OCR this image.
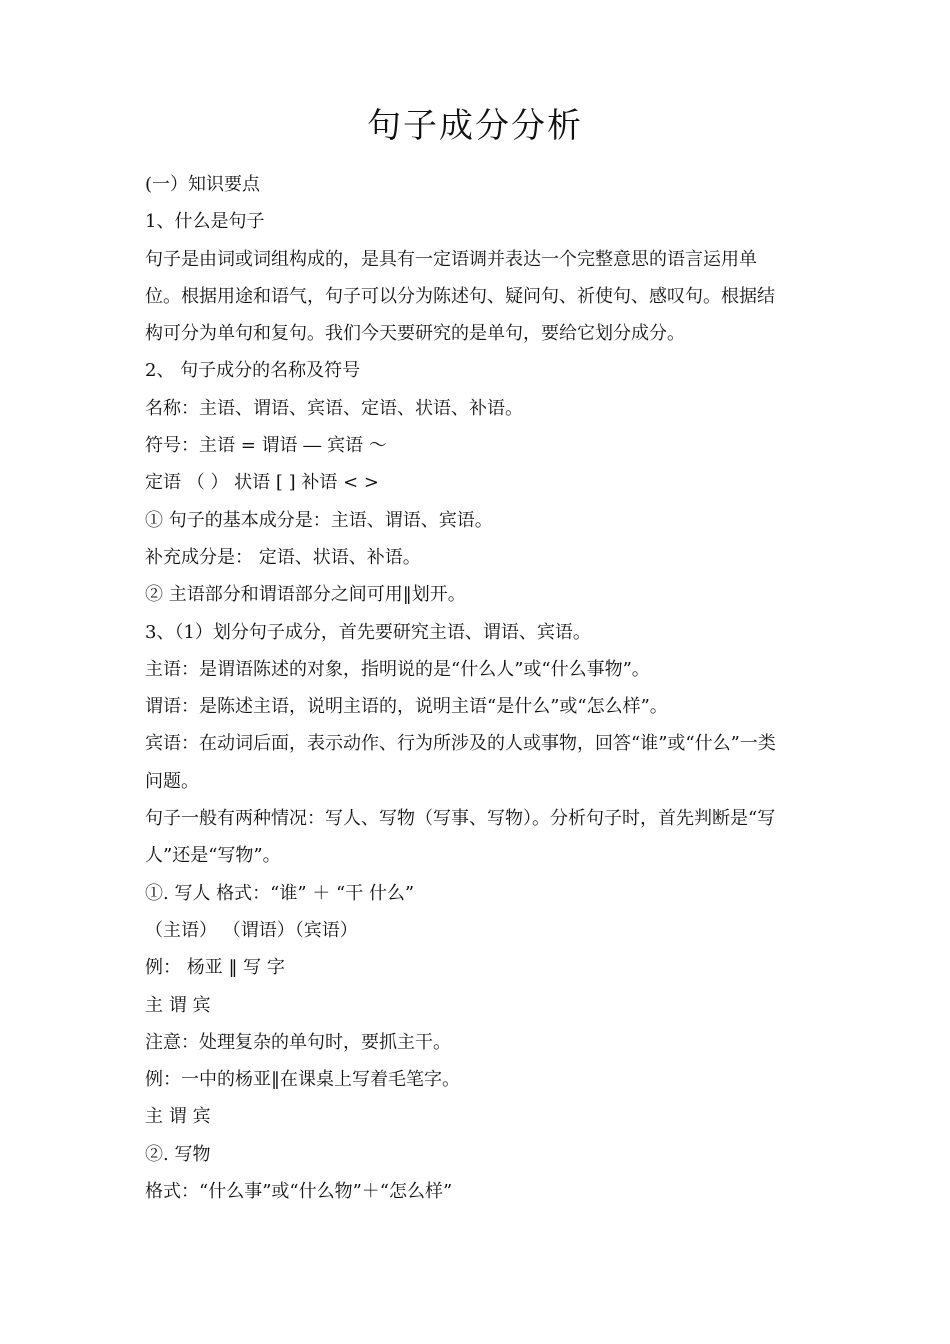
句子成分分析
(一）知识要点
1、什么是句子
句子是由词或词组构成的，是具有一定语调并表达一个完整意思的语言运用单
位。根据用途和语气，句子可以分为陈述句、疑问句、祈使句、感叹句。根据结
构可分为单句和复句。我们今天要研究的是单句，要给它划分成分。
2、 句子成分的名称及符号
名称：主语、谓语、宾语、定语、状语、补语。
符号：主语 = 谓语 ― 宾语 ～
定语 （ ） 状语 [ ] 补语 < >
① 句子的基本成分是：主语、谓语、宾语。
补充成分是： 定语、状语、补语。
② 主语部分和谓语部分之间可用‖划开。
3、（1）划分句子成分，首先要研究主语、谓语、宾语。
主语：是谓语陈述的对象，指明说的是“什么人”或“什么事物”。
谓语：是陈述主语，说明主语的，说明主语“是什么”或“怎么样”。
宾语：在动词后面，表示动作、行为所涉及的人或事物，回答“谁”或“什么”一类
问题。
句子一般有两种情况：写人、写物（写事、写物）。分析句子时，首先判断是“写
人”还是“写物”。
①. 写人 格式：“谁” ＋ “干 什么”
（主语） （谓语）（宾语）
例： 杨亚 ‖ 写 字
主 谓 宾
注意：处理复杂的单句时，要抓主干。
例：一中的杨亚‖在课桌上写着毛笔字。
主 谓 宾
②. 写物
格式：“什么事”或“什么物”＋“怎么样”
